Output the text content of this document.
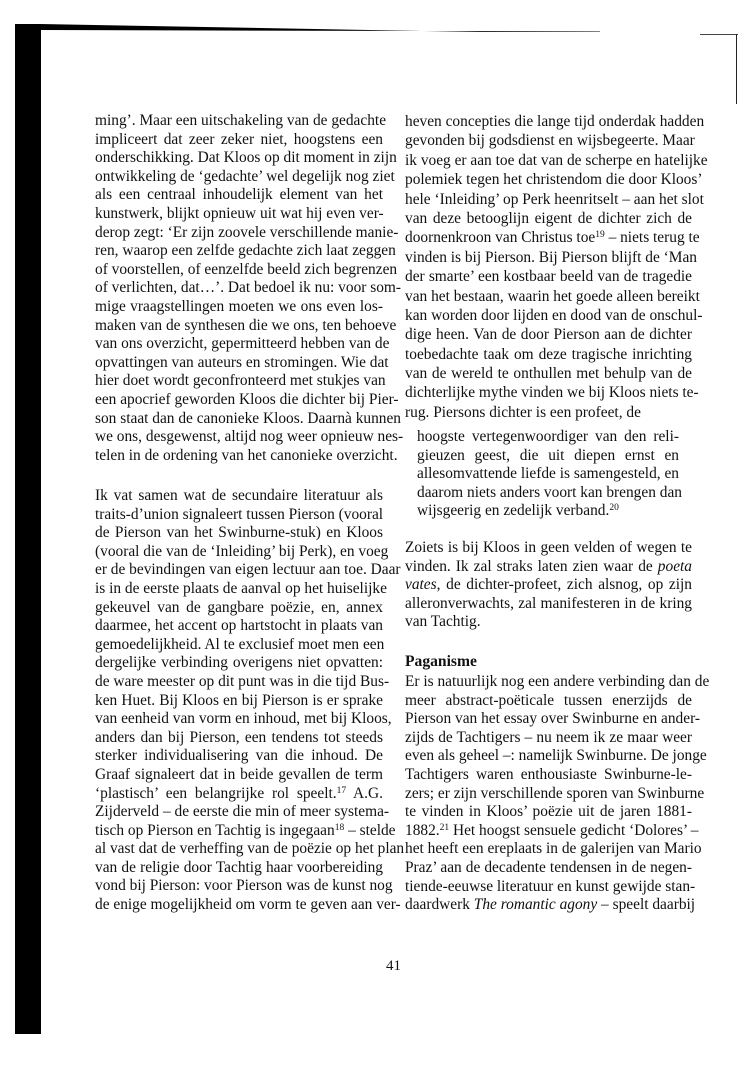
ming’. Maar een uitschakeling van de gedachte
impliceert dat zeer zeker niet, hoogstens een
onderschikking. Dat Kloos op dit moment in zijn
ontwikkeling de ‘gedachte’ wel degelijk nog ziet
als een centraal inhoudelijk element van het
kunstwerk, blijkt opnieuw uit wat hij even ver-
derop zegt: ‘Er zijn zoovele verschillende manie-
ren, waarop een zelfde gedachte zich laat zeggen
of voorstellen, of eenzelfde beeld zich begrenzen
of verlichten, dat…’. Dat bedoel ik nu: voor som-
mige vraagstellingen moeten we ons even los-
maken van de synthesen die we ons, ten behoeve
van ons overzicht, gepermitteerd hebben van de
opvattingen van auteurs en stromingen. Wie dat
hier doet wordt geconfronteerd met stukjes van
een apocrief geworden Kloos die dichter bij Pier-
son staat dan de canonieke Kloos. Daarnà kunnen
we ons, desgewenst, altijd nog weer opnieuw nes-
telen in de ordening van het canonieke overzicht.
Ik vat samen wat de secundaire literatuur als
traits-d’union signaleert tussen Pierson (vooral
de Pierson van het Swinburne-stuk) en Kloos
(vooral die van de ‘Inleiding’ bij Perk), en voeg
er de bevindingen van eigen lectuur aan toe. Daar
is in de eerste plaats de aanval op het huiselijke
gekeuvel van de gangbare poëzie, en, annex
daarmee, het accent op hartstocht in plaats van
gemoedelijkheid. Al te exclusief moet men een
dergelijke verbinding overigens niet opvatten:
de ware meester op dit punt was in die tijd Bus-
ken Huet. Bij Kloos en bij Pierson is er sprake
van eenheid van vorm en inhoud, met bij Kloos,
anders dan bij Pierson, een tendens tot steeds
sterker individualisering van die inhoud. De
Graaf signaleert dat in beide gevallen de term
‘plastisch’ een belangrijke rol speelt.$^{17}$ A.G.
Zijderveld – de eerste die min of meer systema-
tisch op Pierson en Tachtig is ingegaan$^{18}$ – stelde
al vast dat de verheffing van de poëzie op het plan
van de religie door Tachtig haar voorbereiding
vond bij Pierson: voor Pierson was de kunst nog
de enige mogelijkheid om vorm te geven aan ver-
heven concepties die lange tijd onderdak hadden
gevonden bij godsdienst en wijsbegeerte. Maar
ik voeg er aan toe dat van de scherpe en hatelijke
polemiek tegen het christendom die door Kloos’
hele ‘Inleiding’ op Perk heenritselt – aan het slot
van deze betooglijn eigent de dichter zich de
doornenkroon van Christus toe$^{19}$ – niets terug te
vinden is bij Pierson. Bij Pierson blijft de ‘Man
der smarte’ een kostbaar beeld van de tragedie
van het bestaan, waarin het goede alleen bereikt
kan worden door lijden en dood van de onschul-
dige heen. Van de door Pierson aan de dichter
toebedachte taak om deze tragische inrichting
van de wereld te onthullen met behulp van de
dichterlijke mythe vinden we bij Kloos niets te-
rug. Piersons dichter is een profeet, de
hoogste vertegenwoordiger van den reli-
gieuzen geest, die uit diepen ernst en
allesomvattende liefde is samengesteld, en
daarom niets anders voort kan brengen dan
wijsgeerig en zedelijk verband.$^{20}$
Zoiets is bij Kloos in geen velden of wegen te
vinden. Ik zal straks laten zien waar de poeta
vates, de dichter-profeet, zich alsnog, op zijn
alleronverwachts, zal manifesteren in de kring
van Tachtig.
Paganisme
Er is natuurlijk nog een andere verbinding dan de
meer abstract-poëticale tussen enerzijds de
Pierson van het essay over Swinburne en ander-
zijds de Tachtigers – nu neem ik ze maar weer
even als geheel –: namelijk Swinburne. De jonge
Tachtigers waren enthousiaste Swinburne-le-
zers; er zijn verschillende sporen van Swinburne
te vinden in Kloos’ poëzie uit de jaren 1881-
1882.21 Het hoogst sensuele gedicht ‘Dolores’ –
het heeft een ereplaats in de galerijen van Mario
Praz’ aan de decadente tendensen in de negen-
tiende-eeuwse literatuur en kunst gewijde stan-
daardwerk The romantic agony – speelt daarbij
41
